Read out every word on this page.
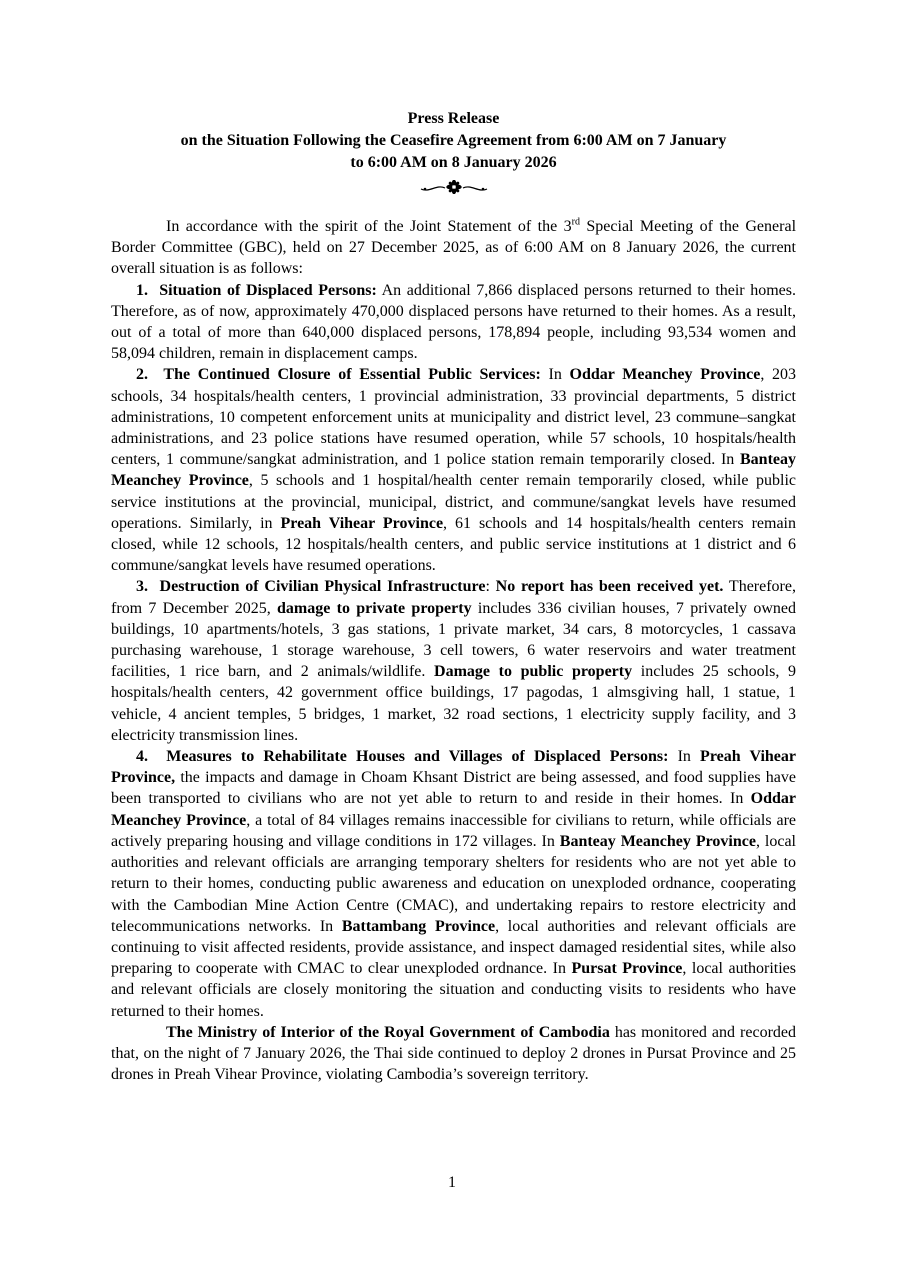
Press Release
on the Situation Following the Ceasefire Agreement from 6:00 AM on 7 January
to 6:00 AM on 8 January 2026

In accordance with the spirit of the Joint Statement of the 3rd Special Meeting of the General Border Committee (GBC), held on 27 December 2025, as of 6:00 AM on 8 January 2026, the current overall situation is as follows:

1. Situation of Displaced Persons: An additional 7,866 displaced persons returned to their homes. Therefore, as of now, approximately 470,000 displaced persons have returned to their homes. As a result, out of a total of more than 640,000 displaced persons, 178,894 people, including 93,534 women and 58,094 children, remain in displacement camps.

2. The Continued Closure of Essential Public Services: In Oddar Meanchey Province, 203 schools, 34 hospitals/health centers, 1 provincial administration, 33 provincial departments, 5 district administrations, 10 competent enforcement units at municipality and district level, 23 commune–sangkat administrations, and 23 police stations have resumed operation, while 57 schools, 10 hospitals/health centers, 1 commune/sangkat administration, and 1 police station remain temporarily closed. In Banteay Meanchey Province, 5 schools and 1 hospital/health center remain temporarily closed, while public service institutions at the provincial, municipal, district, and commune/sangkat levels have resumed operations. Similarly, in Preah Vihear Province, 61 schools and 14 hospitals/health centers remain closed, while 12 schools, 12 hospitals/health centers, and public service institutions at 1 district and 6 commune/sangkat levels have resumed operations.

3. Destruction of Civilian Physical Infrastructure: No report has been received yet. Therefore, from 7 December 2025, damage to private property includes 336 civilian houses, 7 privately owned buildings, 10 apartments/hotels, 3 gas stations, 1 private market, 34 cars, 8 motorcycles, 1 cassava purchasing warehouse, 1 storage warehouse, 3 cell towers, 6 water reservoirs and water treatment facilities, 1 rice barn, and 2 animals/wildlife. Damage to public property includes 25 schools, 9 hospitals/health centers, 42 government office buildings, 17 pagodas, 1 almsgiving hall, 1 statue, 1 vehicle, 4 ancient temples, 5 bridges, 1 market, 32 road sections, 1 electricity supply facility, and 3 electricity transmission lines.

4. Measures to Rehabilitate Houses and Villages of Displaced Persons: In Preah Vihear Province, the impacts and damage in Choam Khsant District are being assessed, and food supplies have been transported to civilians who are not yet able to return to and reside in their homes. In Oddar Meanchey Province, a total of 84 villages remains inaccessible for civilians to return, while officials are actively preparing housing and village conditions in 172 villages. In Banteay Meanchey Province, local authorities and relevant officials are arranging temporary shelters for residents who are not yet able to return to their homes, conducting public awareness and education on unexploded ordnance, cooperating with the Cambodian Mine Action Centre (CMAC), and undertaking repairs to restore electricity and telecommunications networks. In Battambang Province, local authorities and relevant officials are continuing to visit affected residents, provide assistance, and inspect damaged residential sites, while also preparing to cooperate with CMAC to clear unexploded ordnance. In Pursat Province, local authorities and relevant officials are closely monitoring the situation and conducting visits to residents who have returned to their homes.

The Ministry of Interior of the Royal Government of Cambodia has monitored and recorded that, on the night of 7 January 2026, the Thai side continued to deploy 2 drones in Pursat Province and 25 drones in Preah Vihear Province, violating Cambodia’s sovereign territory.

1
